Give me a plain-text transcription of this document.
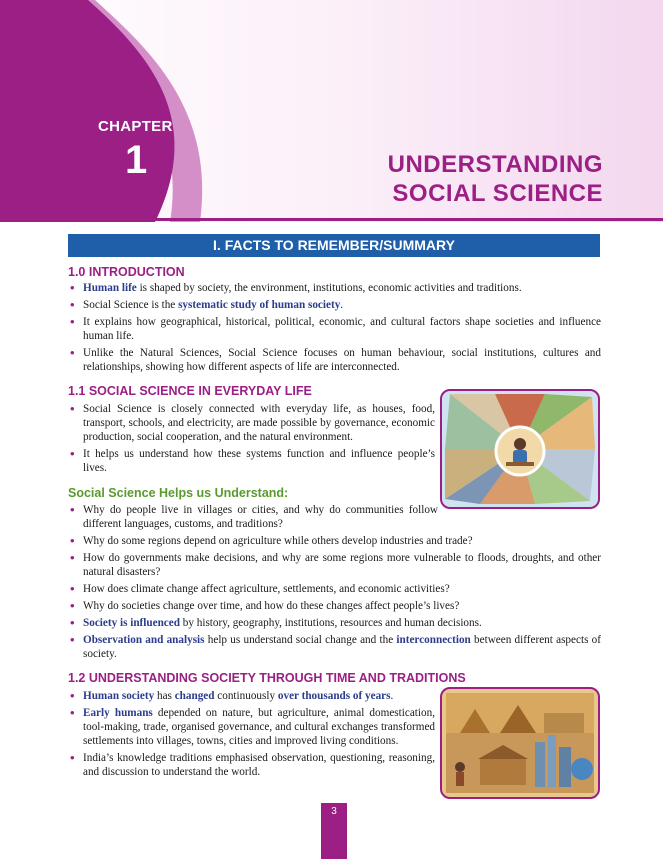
CHAPTER
1	UNDERSTANDING
SOCIAL SCIENCE
I. FACTS TO REMEMBER/SUMMARY
1.0 INTRODUCTION
• Human life is shaped by society, the environment, institutions, economic activities and traditions.
• Social Science is the systematic study of human society.
• It explains how geographical, historical, political, economic, and cultural factors shape societies and influence human life.
• Unlike the Natural Sciences, Social Science focuses on human behaviour, social institutions, cultures and relationships, showing how different aspects of life are interconnected.
1.1 SOCIAL SCIENCE IN EVERYDAY LIFE
• Social Science is closely connected with everyday life, as houses, food, transport, schools, and electricity, are made possible by governance, economic production, social cooperation, and the natural environment.
• It helps us understand how these systems function and influence people’s lives.
Social Science Helps us Understand:
• Why do people live in villages or cities, and why do communities follow different languages, customs, and traditions?
• Why do some regions depend on agriculture while others develop industries and trade?
• How do governments make decisions, and why are some regions more vulnerable to floods, droughts, and other natural disasters?
• How does climate change affect agriculture, settlements, and economic activities?
• Why do societies change over time, and how do these changes affect people’s lives?
• Society is influenced by history, geography, institutions, resources and human decisions.
• Observation and analysis help us understand social change and the interconnection between different aspects of society.
1.2 UNDERSTANDING SOCIETY THROUGH TIME AND TRADITIONS
• Human society has changed continuously over thousands of years.
• Early humans depended on nature, but agriculture, animal domestication, tool-making, trade, organised governance, and cultural exchanges transformed settlements into villages, towns, cities and improved living conditions.
• India’s knowledge traditions emphasised observation, questioning, reasoning, and discussion to understand the world.
3
